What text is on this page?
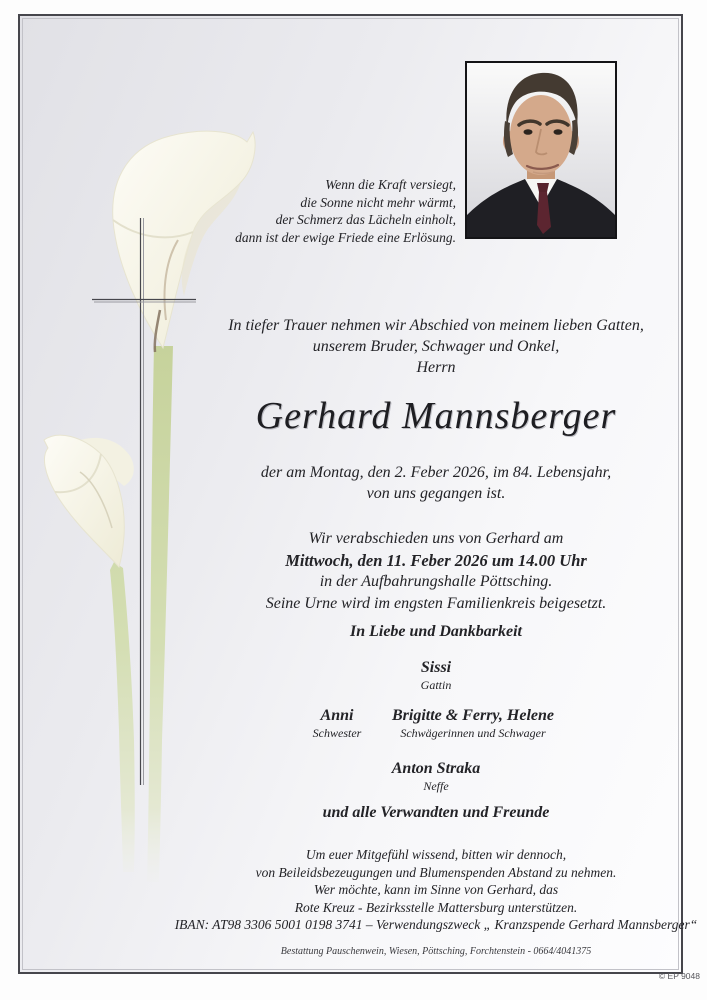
Wenn die Kraft versiegt,
die Sonne nicht mehr wärmt,
der Schmerz das Lächeln einholt,
dann ist der ewige Friede eine Erlösung.
In tiefer Trauer nehmen wir Abschied von meinem lieben Gatten,
unserem Bruder, Schwager und Onkel,
Herrn
Gerhard Mannsberger
der am Montag, den 2. Feber 2026, im 84. Lebensjahr,
von uns gegangen ist.
Wir verabschieden uns von Gerhard am
Mittwoch, den 11. Feber 2026 um 14.00 Uhr
in der Aufbahrungshalle Pöttsching.
Seine Urne wird im engsten Familienkreis beigesetzt.
In Liebe und Dankbarkeit
Sissi
Gattin
Anni
Schwester
Brigitte & Ferry, Helene
Schwägerinnen und Schwager
Anton Straka
Neffe
und alle Verwandten und Freunde
Um euer Mitgefühl wissend, bitten wir dennoch,
von Beileidsbezeugungen und Blumenspenden Abstand zu nehmen.
Wer möchte, kann im Sinne von Gerhard, das
Rote Kreuz - Bezirksstelle Mattersburg unterstützen.
IBAN: AT98 3306 5001 0198 3741 – Verwendungszweck „ Kranzspende Gerhard Mannsberger“
Bestattung Pauschenwein, Wiesen, Pöttsching, Forchtenstein - 0664/4041375
© EP 9048
